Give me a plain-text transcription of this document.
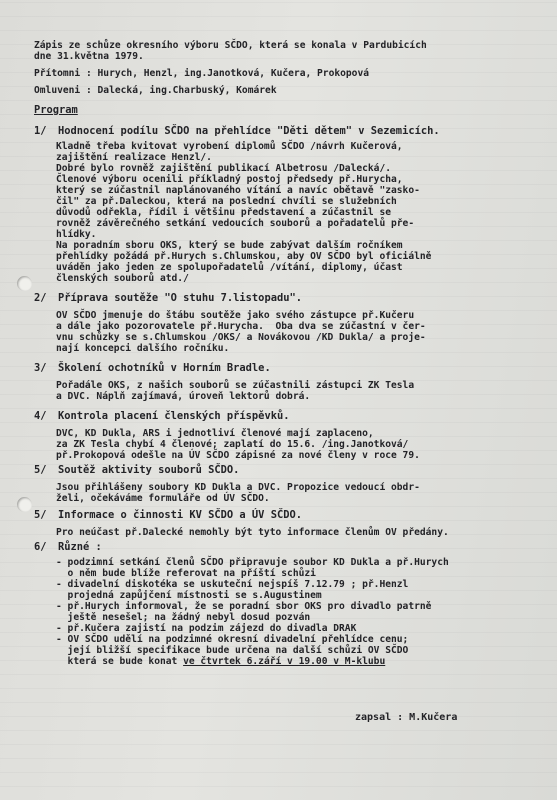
Zápis ze schůze okresního výboru SČDO, která se konala v Pardubicích

dne 31.května 1979.

Přítomni : Hurych, Henzl, ing.Janotková, Kučera, Prokopová

Omluveni : Dalecká, ing.Charbuský, Komárek

Program

1/	Hodnocení podílu SČDO na přehlídce "Děti dětem" v Sezemicích.

Kladně třeba kvitovat vyrobení diplomů SČDO /návrh Kučerová,

zajištění realizace Henzl/.

Dobré bylo rovněž zajištění publikací Albetrosu /Dalecká/.

Členové výboru ocenili příkladný postoj předsedy př.Hurycha,

který se zúčastnil naplánovaného vítání a navíc obětavě "zasko-

čil" za př.Daleckou, která na poslední chvíli se služebních

důvodů odřekla, řídil i většinu představení a zúčastnil se

rovněž závěrečného setkání vedoucích souborů a pořadatelů pře-

hlídky.

Na poradním sboru OKS, který se bude zabývat dalším ročníkem

přehlídky požádá př.Hurych s.Chlumskou, aby OV SČDO byl oficiálně

uváděn jako jeden ze spolupořadatelů /vítání, diplomy, účast

členských souborů atd./

2/	Příprava soutěže "O stuhu 7.listopadu".

OV SČDO jmenuje do štábu soutěže jako svého zástupce př.Kučeru

a dále jako pozorovatele př.Hurycha.  Oba dva se zúčastní v čer-

vnu schůzky se s.Chlumskou /OKS/ a Novákovou /KD Dukla/ a proje-

nají koncepci dalšího ročníku.

3/	Školení ochotníků v Horním Bradle.

Pořadále OKS, z našich souborů se zúčastnili zástupci ZK Tesla

a DVC. Náplň zajímavá, úroveň lektorů dobrá.

4/	Kontrola placení členských příspěvků.

DVC, KD Dukla, ARS i jednotliví členové mají zaplaceno,

za ZK Tesla chybí 4 členové; zaplatí do 15.6. /ing.Janotková/

př.Prokopová odešle na ÚV SČDO zápisné za nové členy v roce 79.

5/	Soutěž aktivity souborů SČDO.

Jsou přihlášeny soubory KD Dukla a DVC. Propozice vedoucí obdr-

želi, očekáváme formuláře od ÚV SČDO.

5/	Informace o činnosti KV SČDO a ÚV SČDO.

Pro neúčast př.Dalecké nemohly být tyto informace členům OV předány.

6/	Různé :

- podzimní setkání členů SČDO připravuje soubor KD Dukla a př.Hurych

o něm bude blíže referovat na příští schůzi

- divadelní diskotéka se uskuteční nejspíš 7.12.79 ; př.Henzl

projedná zapůjčení místnosti se s.Augustinem

- př.Hurych informoval, že se poradní sbor OKS pro divadlo patrně

ještě nesešel; na žádný nebyl dosud pozván

- př.Kučera zajistí na podzim zájezd do divadla DRAK

- OV SČDO udělí na podzimné okresní divadelní přehlídce cenu;

její bližší specifikace bude určena na další schůzi OV SČDO

která se bude konat ve čtvrtek 6.září v 19.00 v M-klubu

zapsal : M.Kučera
